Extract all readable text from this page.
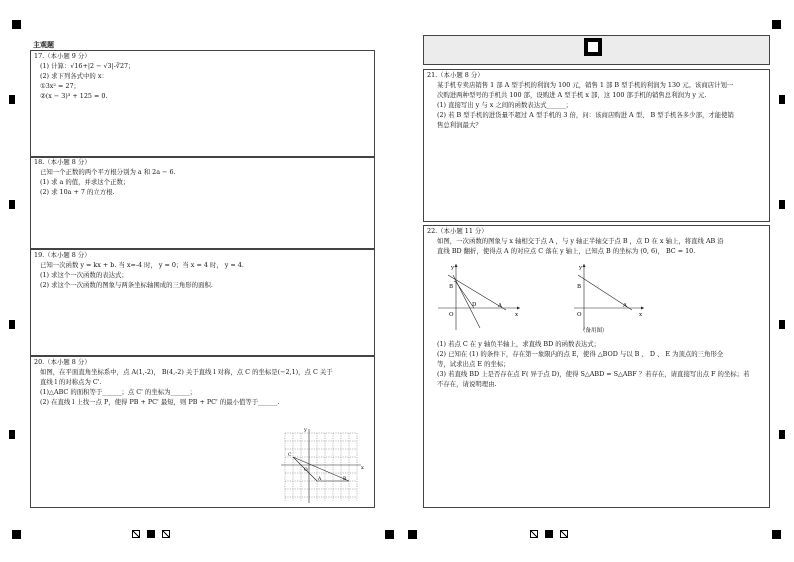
主观题
17.（本小题 9 分）
(1) 计算：√16+|2 − √3|-∛27；
(2) 求下列各式中的 x：
①3x² = 27；
②(x − 3)³ + 125 = 0.
18.（本小题 8 分）
已知一个正数的两个平方根分别为 a 和 2a − 6.
(1) 求 a 的值，并求这个正数；
(2) 求 10a + 7 的立方根.
19.（本小题 8 分）
已知一次函数 y = kx + b. 当 x=-4 时， y = 0；当 x = 4 时， y = 4.
(1) 求这个一次函数的表达式；
(2) 求这个一次函数的图象与两条坐标轴围成的三角形的面积.
20.（本小题 8 分）
如图，在平面直角坐标系中，点 A(1,-2)， B(4,-2) 关于直线 l 对称，点 C 的坐标是(−2,1)，点 C 关于
直线 l 的对称点为 C'.
(1)△ABC 的面积等于______；点 C' 的坐标为______；
(2) 在直线 l 上找一点 P，使得 PB + PC' 最短，则 PB + PC' 的最小值等于______.
y
x
O
C
A	B
21.（本小题 8 分）
某手机专卖店销售 1 部 A 型手机的利润为 100 元，销售 1 部 B 型手机的利润为 130 元。该商店计划一
次购进两种型号的手机共 100 部，设购进 A 型手机 x 部，这 100 部手机的销售总利润为 y 元.
(1) 直接写出 y 与 x 之间的函数表达式______；
(2) 若 B 型手机的进货量不超过 A 型手机的 3 倍，问：该商店购进 A 型、 B 型手机各多少部，才能使销
售总利润最大？
22.（本小题 11 分）
如图，一次函数的图象与 x 轴相交于点 A ，与 y 轴正半轴交于点 B ，点 D 在 x 轴上，将直线 AB 沿
直线 BD 翻折，使得点 A 的对应点 C 落在 y 轴上，已知点 B 的坐标为 (0, 6)， BC = 10.
y
x
B
D	A
O
y
x
B
A
O
（备用图）
(1) 若点 C 在 y 轴负半轴上，求直线 BD 的函数表达式；
(2) 已知在 (1) 的条件下，存在第一象限内的点 E，使得 △BOD 与以 B 、 D 、 E 为顶点的三角形全
等，试求出点 E 的坐标；
(3) 若直线 BD 上是否存在点 F( 异于点 D)，使得 S△ABD = S△ABF ？若存在，请直接写出点 F 的坐标；若
不存在，请说明理由.
